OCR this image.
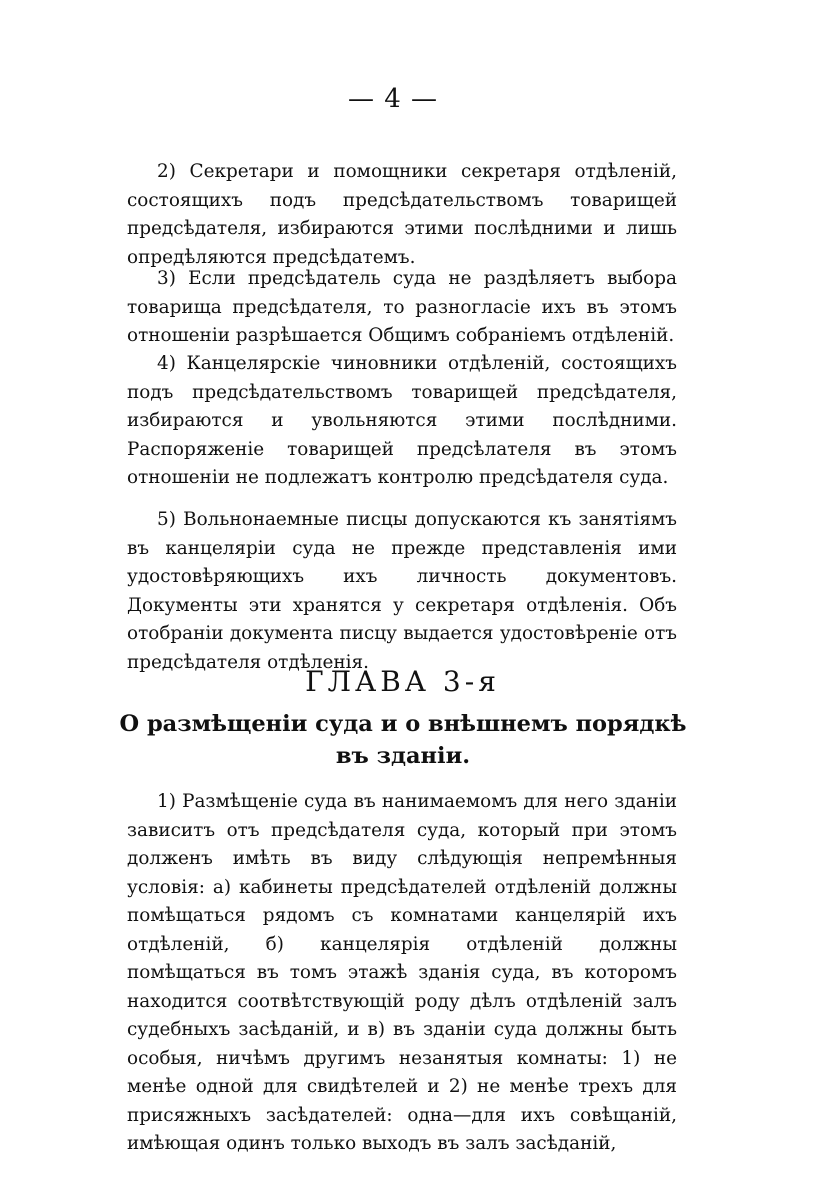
— 4 —

2) Секретари и помощники секретаря отдѣленій, состоящихъ подъ предсѣдательствомъ товарищей предсѣдателя, избираются этими послѣдними и лишь опредѣляются предсѣдатемъ.

3) Если предсѣдатель суда не раздѣляетъ выбора товарища предсѣдателя, то разногласіе ихъ въ этомъ отношеніи разрѣшается Общимъ собраніемъ отдѣленій.

4) Канцелярскіе чиновники отдѣленій, состоящихъ подъ предсѣдательствомъ товарищей предсѣдателя, избираются и увольняются этими послѣдними. Распоряженіе товарищей предсѣлателя въ этомъ отношеніи не подлежатъ контролю предсѣдателя суда.

5) Вольнонаемные писцы допускаются къ занятіямъ въ канцеляріи суда не прежде представленія ими удостовѣряющихъ ихъ личность документовъ. Документы эти хранятся у секретаря отдѣленія. Объ отобраніи документа писцу выдается удостовѣреніе отъ предсѣдателя отдѣленія.

ГЛАВА 3-я
О размѣщеніи суда и о внѣшнемъ порядкѣ въ зданіи.

1) Размѣщеніе суда въ нанимаемомъ для него зданіи зависитъ отъ предсѣдателя суда, который при этомъ долженъ имѣть въ виду слѣдующія непремѣнныя условія: а) кабинеты предсѣдателей отдѣленій должны помѣщаться рядомъ съ комнатами канцелярій ихъ отдѣленій, б) канцелярія отдѣленій должны помѣщаться въ томъ этажѣ зданія суда, въ которомъ находится соотвѣтствующій роду дѣлъ отдѣленій залъ судебныхъ засѣданій, и в) въ зданіи суда должны быть особыя, ничѣмъ другимъ незанятыя комнаты: 1) не менѣе одной для свидѣтелей и 2) не менѣе трехъ для присяжныхъ засѣдателей: одна—для ихъ совѣщаній, имѣющая одинъ только выходъ въ залъ засѣданій,
